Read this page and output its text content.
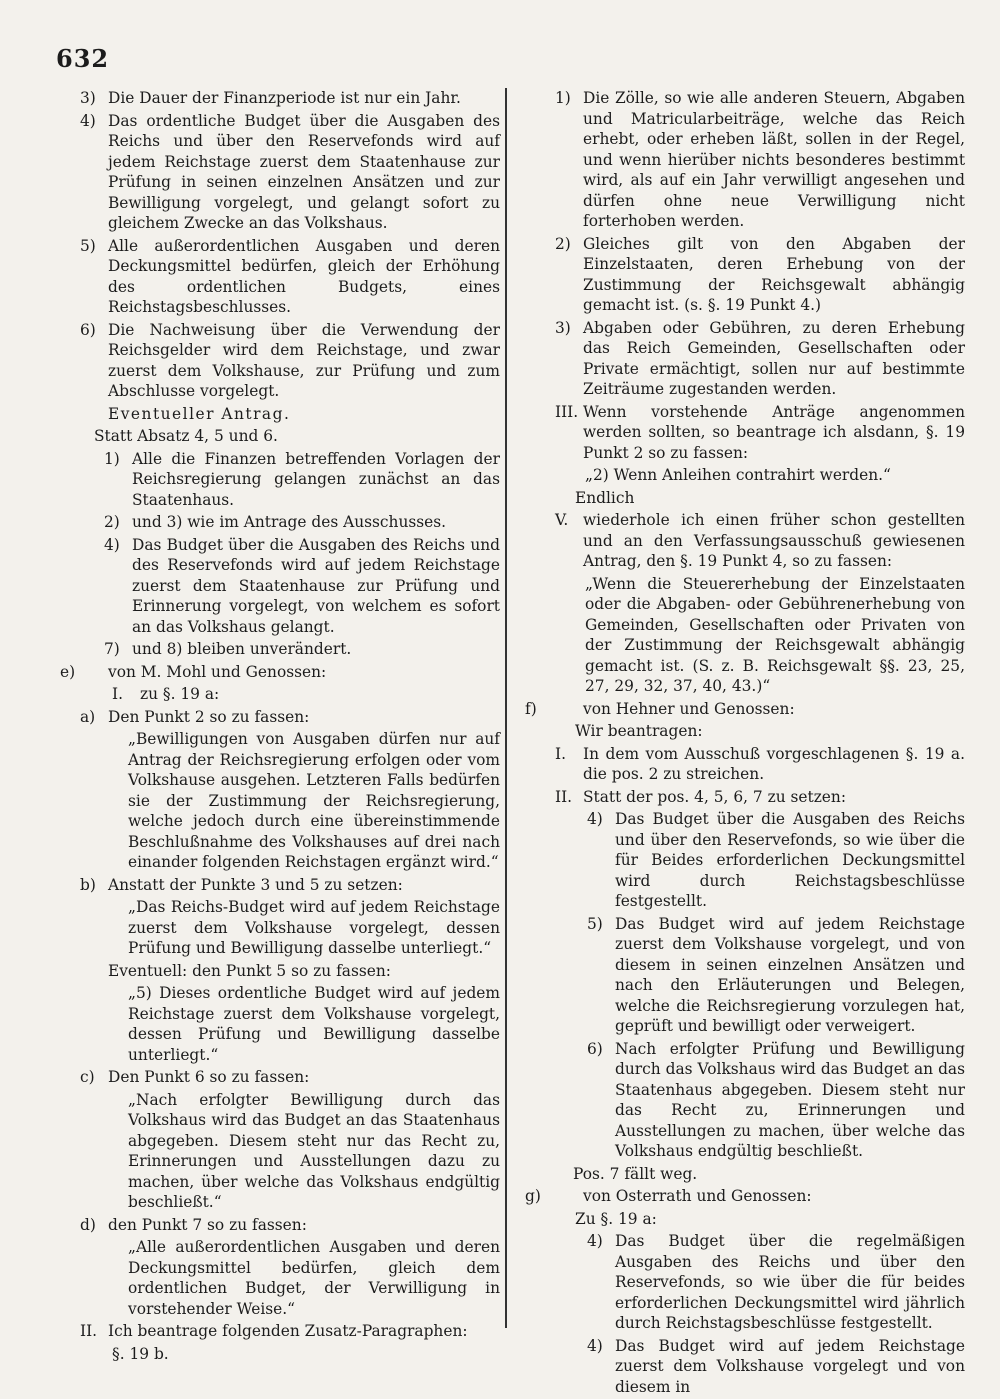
632
3) Die Dauer der Finanzperiode ist nur ein Jahr.
4) Das ordentliche Budget über die Ausgaben des Reichs und über den Reservefonds wird auf jedem Reichstage zuerst dem Staatenhause zur Prüfung in seinen einzelnen Ansätzen und zur Bewilligung vorgelegt, und gelangt sofort zu gleichem Zwecke an das Volkshaus.
5) Alle außerordentlichen Ausgaben und deren Deckungsmittel bedürfen, gleich der Erhöhung des ordentlichen Budgets, eines Reichstagsbeschlusses.
6) Die Nachweisung über die Verwendung der Reichsgelder wird dem Reichstage, und zwar zuerst dem Volkshause, zur Prüfung und zum Abschlusse vorgelegt.
Eventueller Antrag.
Statt Absatz 4, 5 und 6.
1) Alle die Finanzen betreffenden Vorlagen der Reichsregierung gelangen zunächst an das Staatenhaus.
2) und 3) wie im Antrage des Ausschusses.
4) Das Budget über die Ausgaben des Reichs und des Reservefonds wird auf jedem Reichstage zuerst dem Staatenhause zur Prüfung und Erinnerung vorgelegt, von welchem es sofort an das Volkshaus gelangt.
7) und 8) bleiben unverändert.
e) von M. Mohl und Genossen:
I. zu §. 19 a:
a) Den Punkt 2 so zu fassen:
„Bewilligungen von Ausgaben dürfen nur auf Antrag der Reichsregierung erfolgen oder vom Volkshause ausgehen. Letzteren Falls bedürfen sie der Zustimmung der Reichsregierung, welche jedoch durch eine übereinstimmende Beschlußnahme des Volkshauses auf drei nach einander folgenden Reichstagen ergänzt wird.“
b) Anstatt der Punkte 3 und 5 zu setzen:
„Das Reichs-Budget wird auf jedem Reichstage zuerst dem Volkshause vorgelegt, dessen Prüfung und Bewilligung dasselbe unterliegt.“
Eventuell: den Punkt 5 so zu fassen:
„5) Dieses ordentliche Budget wird auf jedem Reichstage zuerst dem Volkshause vorgelegt, dessen Prüfung und Bewilligung dasselbe unterliegt.“
c) Den Punkt 6 so zu fassen:
„Nach erfolgter Bewilligung durch das Volkshaus wird das Budget an das Staatenhaus abgegeben. Diesem steht nur das Recht zu, Erinnerungen und Ausstellungen dazu zu machen, über welche das Volkshaus endgültig beschließt.“
d) den Punkt 7 so zu fassen:
„Alle außerordentlichen Ausgaben und deren Deckungsmittel bedürfen, gleich dem ordentlichen Budget, der Verwilligung in vorstehender Weise.“
II. Ich beantrage folgenden Zusatz-Paragraphen:
§. 19 b.
1) Die Zölle, so wie alle anderen Steuern, Abgaben und Matricularbeiträge, welche das Reich erhebt, oder erheben läßt, sollen in der Regel, und wenn hierüber nichts besonderes bestimmt wird, als auf ein Jahr verwilligt angesehen und dürfen ohne neue Verwilligung nicht forterhoben werden.
2) Gleiches gilt von den Abgaben der Einzelstaaten, deren Erhebung von der Zustimmung der Reichsgewalt abhängig gemacht ist. (s. §. 19 Punkt 4.)
3) Abgaben oder Gebühren, zu deren Erhebung das Reich Gemeinden, Gesellschaften oder Private ermächtigt, sollen nur auf bestimmte Zeiträume zugestanden werden.
III. Wenn vorstehende Anträge angenommen werden sollten, so beantrage ich alsdann, §. 19 Punkt 2 so zu fassen:
„2) Wenn Anleihen contrahirt werden.“
Endlich
V. wiederhole ich einen früher schon gestellten und an den Verfassungsausschuß gewiesenen Antrag, den §. 19 Punkt 4, so zu fassen:
„Wenn die Steuererhebung der Einzelstaaten oder die Abgaben- oder Gebührenerhebung von Gemeinden, Gesellschaften oder Privaten von der Zustimmung der Reichsgewalt abhängig gemacht ist. (S. z. B. Reichsgewalt §§. 23, 25, 27, 29, 32, 37, 40, 43.)“
f)	von Hehner und Genossen:
Wir beantragen:
I. In dem vom Ausschuß vorgeschlagenen §. 19 a. die pos. 2 zu streichen.
II. Statt der pos. 4, 5, 6, 7 zu setzen:
4) Das Budget über die Ausgaben des Reichs und über den Reservefonds, so wie über die für Beides erforderlichen Deckungsmittel wird durch Reichstagsbeschlüsse festgestellt.
5) Das Budget wird auf jedem Reichstage zuerst dem Volkshause vorgelegt, und von diesem in seinen einzelnen Ansätzen und nach den Erläuterungen und Belegen, welche die Reichsregierung vorzulegen hat, geprüft und bewilligt oder verweigert.
6) Nach erfolgter Prüfung und Bewilligung durch das Volkshaus wird das Budget an das Staatenhaus abgegeben. Diesem steht nur das Recht zu, Erinnerungen und Ausstellungen zu machen, über welche das Volkshaus endgültig beschließt.
Pos. 7 fällt weg.
g)	von Osterrath und Genossen:
Zu §. 19 a:
4) Das Budget über die regelmäßigen Ausgaben des Reichs und über den Reservefonds, so wie über die für beides erforderlichen Deckungsmittel wird jährlich durch Reichstagsbeschlüsse festgestellt.
4) Das Budget wird auf jedem Reichstage zuerst dem Volkshause vorgelegt und von diesem in
